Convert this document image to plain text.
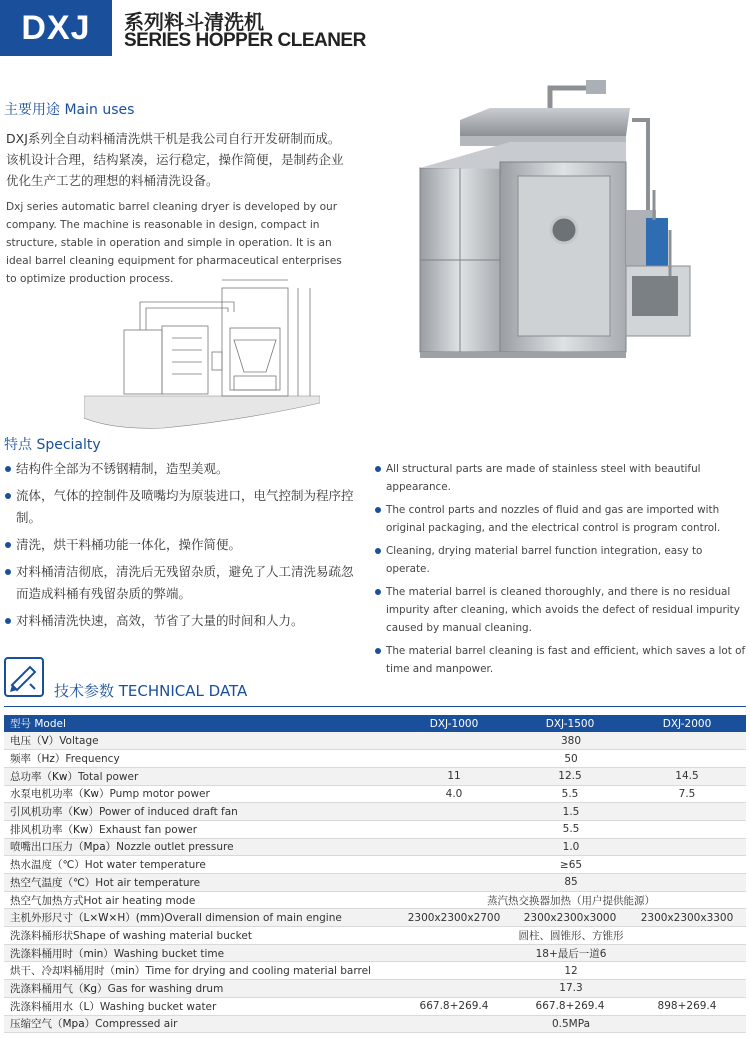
DXJ	系列料斗清洗机
SERIES HOPPER CLEANER
主要用途 Main uses
DXJ系列全自动料桶清洗烘干机是我公司自行开发研制而成。该机设计合理，结构紧凑，运行稳定，操作简便，是制药企业优化生产工艺的理想的料桶清洗设备。
Dxj series automatic barrel cleaning dryer is developed by our company. The machine is reasonable in design, compact in structure, stable in operation and simple in operation. It is an ideal barrel cleaning equipment for pharmaceutical enterprises to optimize production process.
特点 Specialty
结构件全部为不锈钢精制，造型美观。
流体，气体的控制件及喷嘴均为原装进口，电气控制为程序控制。
清洗，烘干料桶功能一体化，操作简便。
对料桶清洁彻底，清洗后无残留杂质，避免了人工清洗易疏忽而造成料桶有残留杂质的弊端。
对料桶清洗快速，高效，节省了大量的时间和人力。
All structural parts are made of stainless steel with beautiful appearance.
The control parts and nozzles of fluid and gas are imported with original packaging, and the electrical control is program control.
Cleaning, drying material barrel function integration, easy to operate.
The material barrel is cleaned thoroughly, and there is no residual impurity after cleaning, which avoids the defect of residual impurity caused by manual cleaning.
The material barrel cleaning is fast and efficient, which saves a lot of time and manpower.
技术参数 TECHNICAL DATA
型号 Model	DXJ-1000	DXJ-1500	DXJ-2000
电压（V）Voltage	380		
频率（Hz）Frequency	50		
总功率（Kw）Total power	11	12.5	14.5
水泵电机功率（Kw）Pump motor power	4.0	5.5	7.5
引风机功率（Kw）Power of induced draft fan	1.5		
排风机功率（Kw）Exhaust fan power	5.5		
喷嘴出口压力（Mpa）Nozzle outlet pressure	1.0		
热水温度（℃）Hot water temperature	≥65		
热空气温度（℃）Hot air temperature	85		
热空气加热方式Hot air heating mode	蒸汽热交换器加热（用户提供能源）		
主机外形尺寸（L×W×H）(mm)Overall dimension of main engine	2300x2300x2700	2300x2300x3000	2300x2300x3300
洗涤料桶形状Shape of washing material bucket	圆柱、圆锥形、方锥形		
洗涤料桶用时（min）Washing bucket time	18+最后一道6		
烘干、冷却料桶用时（min）Time for drying and cooling material barrel	12		
洗涤料桶用气（Kg）Gas for washing drum	17.3		
洗涤料桶用水（L）Washing bucket water	667.8+269.4	667.8+269.4	898+269.4
压缩空气（Mpa）Compressed air	0.5MPa		
